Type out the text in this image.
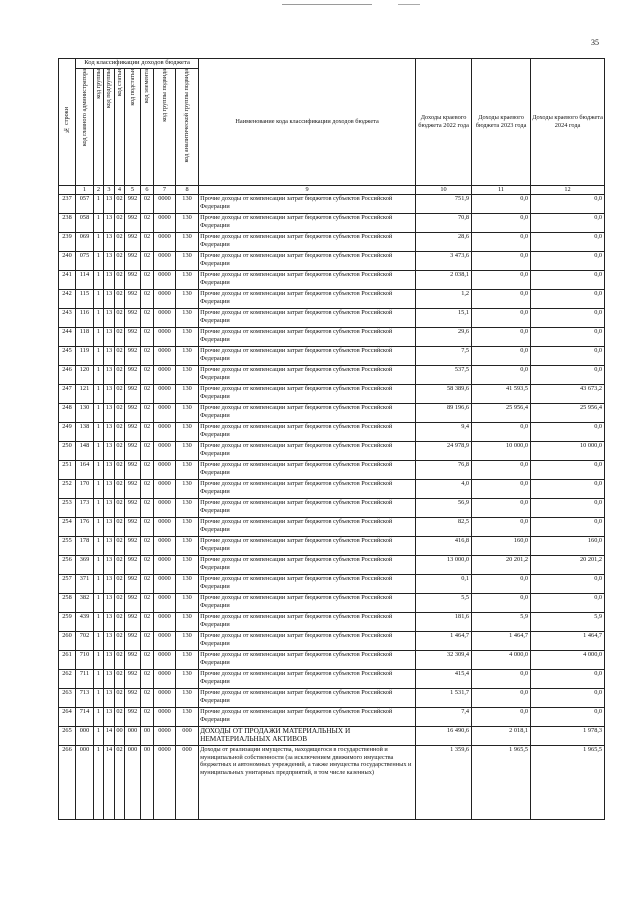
35
№ строки	Код классификации доходов бюджета								Наименование кода классификации доходов бюджета	Доходы краевого бюджета 2022 года	Доходы краевого бюджета 2023 года	Доходы краевого бюджета 2024 года
	код главного администратора	код группы	код подгруппы	код статьи	код подстатьи	код элемента	код группы подвида	код аналитической группы подвида				
	1	2	3	4	5	6	7	8	9	10	11	12
237	057	1	13	02	992	02	0000	130	Прочие доходы от компенсации затрат бюджетов субъектов Российской Федерации	751,9	0,0	0,0
238	058	1	13	02	992	02	0000	130	Прочие доходы от компенсации затрат бюджетов субъектов Российской Федерации	70,8	0,0	0,0
239	069	1	13	02	992	02	0000	130	Прочие доходы от компенсации затрат бюджетов субъектов Российской Федерации	28,6	0,0	0,0
240	075	1	13	02	992	02	0000	130	Прочие доходы от компенсации затрат бюджетов субъектов Российской Федерации	3 473,6	0,0	0,0
241	114	1	13	02	992	02	0000	130	Прочие доходы от компенсации затрат бюджетов субъектов Российской Федерации	2 038,1	0,0	0,0
242	115	1	13	02	992	02	0000	130	Прочие доходы от компенсации затрат бюджетов субъектов Российской Федерации	1,2	0,0	0,0
243	116	1	13	02	992	02	0000	130	Прочие доходы от компенсации затрат бюджетов субъектов Российской Федерации	15,1	0,0	0,0
244	118	1	13	02	992	02	0000	130	Прочие доходы от компенсации затрат бюджетов субъектов Российской Федерации	29,6	0,0	0,0
245	119	1	13	02	992	02	0000	130	Прочие доходы от компенсации затрат бюджетов субъектов Российской Федерации	7,5	0,0	0,0
246	120	1	13	02	992	02	0000	130	Прочие доходы от компенсации затрат бюджетов субъектов Российской Федерации	537,5	0,0	0,0
247	121	1	13	02	992	02	0000	130	Прочие доходы от компенсации затрат бюджетов субъектов Российской Федерации	58 389,6	41 593,5	43 673,2
248	130	1	13	02	992	02	0000	130	Прочие доходы от компенсации затрат бюджетов субъектов Российской Федерации	89 196,6	25 956,4	25 956,4
249	138	1	13	02	992	02	0000	130	Прочие доходы от компенсации затрат бюджетов субъектов Российской Федерации	9,4	0,0	0,0
250	148	1	13	02	992	02	0000	130	Прочие доходы от компенсации затрат бюджетов субъектов Российской Федерации	24 978,9	10 000,0	10 000,0
251	164	1	13	02	992	02	0000	130	Прочие доходы от компенсации затрат бюджетов субъектов Российской Федерации	76,8	0,0	0,0
252	170	1	13	02	992	02	0000	130	Прочие доходы от компенсации затрат бюджетов субъектов Российской Федерации	4,0	0,0	0,0
253	173	1	13	02	992	02	0000	130	Прочие доходы от компенсации затрат бюджетов субъектов Российской Федерации	56,9	0,0	0,0
254	176	1	13	02	992	02	0000	130	Прочие доходы от компенсации затрат бюджетов субъектов Российской Федерации	82,5	0,0	0,0
255	178	1	13	02	992	02	0000	130	Прочие доходы от компенсации затрат бюджетов субъектов Российской Федерации	416,8	160,0	160,0
256	369	1	13	02	992	02	0000	130	Прочие доходы от компенсации затрат бюджетов субъектов Российской Федерации	13 000,0	20 201,2	20 201,2
257	371	1	13	02	992	02	0000	130	Прочие доходы от компенсации затрат бюджетов субъектов Российской Федерации	0,1	0,0	0,0
258	382	1	13	02	992	02	0000	130	Прочие доходы от компенсации затрат бюджетов субъектов Российской Федерации	5,5	0,0	0,0
259	439	1	13	02	992	02	0000	130	Прочие доходы от компенсации затрат бюджетов субъектов Российской Федерации	181,6	5,9	5,9
260	702	1	13	02	992	02	0000	130	Прочие доходы от компенсации затрат бюджетов субъектов Российской Федерации	1 464,7	1 464,7	1 464,7
261	710	1	13	02	992	02	0000	130	Прочие доходы от компенсации затрат бюджетов субъектов Российской Федерации	32 309,4	4 000,0	4 000,0
262	711	1	13	02	992	02	0000	130	Прочие доходы от компенсации затрат бюджетов субъектов Российской Федерации	415,4	0,0	0,0
263	713	1	13	02	992	02	0000	130	Прочие доходы от компенсации затрат бюджетов субъектов Российской Федерации	1 531,7	0,0	0,0
264	714	1	13	02	992	02	0000	130	Прочие доходы от компенсации затрат бюджетов субъектов Российской Федерации	7,4	0,0	0,0
265	000	1	14	00	000	00	0000	000	ДОХОДЫ ОТ ПРОДАЖИ МАТЕРИАЛЬНЫХ И НЕМАТЕРИАЛЬНЫХ АКТИВОВ	16 490,6	2 018,1	1 978,3
266	000	1	14	02	000	00	0000	000	Доходы от реализации имущества, находящегося в государственной и муниципальной собственности (за исключением движимого имущества бюджетных и автономных учреждений, а также имущества государственных и муниципальных унитарных предприятий, в том числе казенных)	1 359,6	1 965,5	1 965,5
